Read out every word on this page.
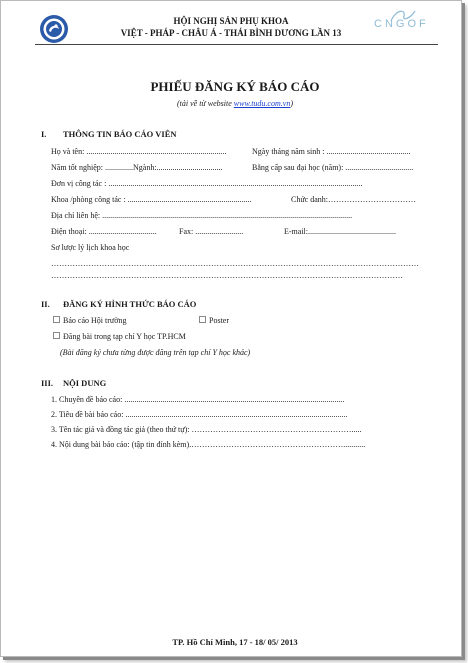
CNGOF
HỘI NGHỊ SẢN PHỤ KHOA
VIỆT - PHÁP - CHÂU Á - THÁI BÌNH DƯƠNG LẦN 13
PHIẾU ĐĂNG KÝ BÁO CÁO
(tải về từ website www.tudu.com.vn)
I. THÔNG TIN BÁO CÁO VIÊN
Họ và tên: ......................................................................	Ngày tháng năm sinh : ..........................................
Năm tốt nghiệp: ..............Ngành:.................................	Bằng cấp sau đại học (năm): ..................................
Đơn vị công tác : ...............................................................................................................................
Khoa /phòng công tác : ..............................................................	Chức danh:……………………………
Địa chỉ liên hệ: .............................................................................................................................
Điện thoại: ..................................	Fax: ........................	E-mail:............................................
Sơ lược lý lịch khoa học
…………………………………………………………………………………………………………………………
……………………………………………………………………………………………………………………
II. ĐĂNG KÝ HÌNH THỨC BÁO CÁO
Báo cáo Hội trường	Poster
Đăng bài trong tạp chí Y học TP.HCM
(Bài đăng ký chưa từng được đăng trên tạp chí Y học khác)
III. NỘI DUNG
1. Chuyên đề báo cáo: ..............................................................................................................
2. Tiêu đề bài báo cáo: ...............................................................................................................
3. Tên tác giả và đồng tác giả (theo thứ tự): …………………………………………………….....
4. Nội dung bài báo cáo: (tập tin đính kèm).…………………………………………………...........
TP. Hồ Chí Minh, 17 - 18/ 05/ 2013
